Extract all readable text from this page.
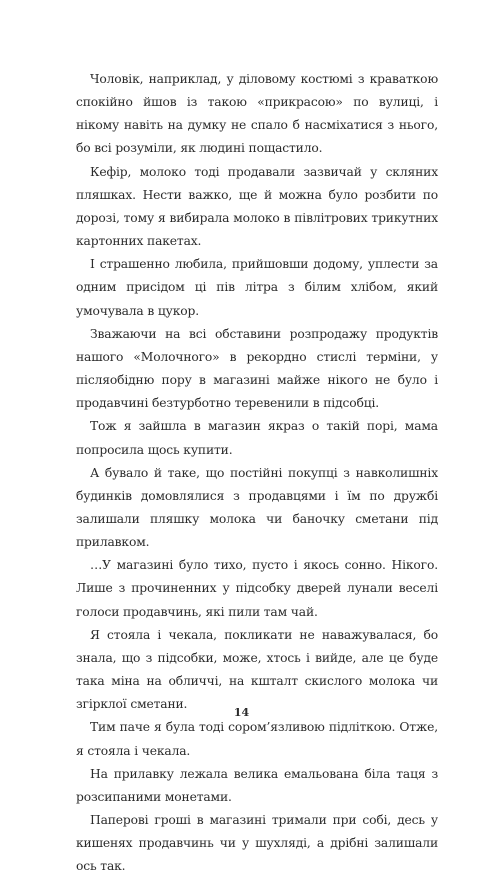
Чоловік, наприклад, у діловому костюмі з краваткою спокійно йшов із такою «прикрасою» по вулиці, і нікому навіть на думку не спало б насміхатися з нього, бо всі розуміли, як людині пощастило.

Кефір, молоко тоді продавали зазвичай у скляних пляшках. Нести важко, ще й можна було розбити по дорозі, тому я вибирала молоко в півлітрових трикутних картонних пакетах.

І страшенно любила, прийшовши додому, уплести за одним присідом ці пів літра з білим хлібом, який умочувала в цукор.

Зважаючи на всі обставини розпродажу продуктів нашого «Молочного» в рекордно стислі терміни, у післяобідню пору в магазині майже нікого не було і продавчині безтурботно теревенили в підсобці.

Тож я зайшла в магазин якраз о такій порі, мама попросила щось купити.

А бувало й таке, що постійні покупці з навколишніх будинків домовлялися з продавцями і їм по дружбі залишали пляшку молока чи баночку сметани під прилавком.

…У магазині було тихо, пусто і якось сонно. Нікого. Лише з прочиненних у підсобку дверей лунали веселі голоси продавчинь, які пили там чай.

Я стояла і чекала, покликати не наважувалася, бо знала, що з підсобки, може, хтось і вийде, але це буде така міна на обличчі, на кшталт скислого молока чи згірклої сметани.

Тим паче я була тоді сором’язливою підліткою. Отже, я стояла і чекала.

На прилавку лежала велика емальована біла таця з розсипаними монетами.

Паперові гроші в магазині тримали при собі, десь у кишенях продавчинь чи у шухляді, а дрібні залишали ось так.

14
